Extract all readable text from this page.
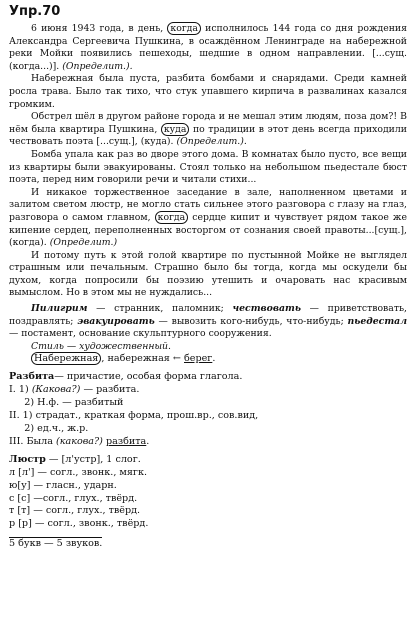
Упр.70

6 июня 1943 года, в день, когда исполнилось 144 года со дня рождения Александра Сергеевича Пушкина, в осаждённом Ленинграде на набережной реки Мойки появились пешеходы, шедшие в одном направлении. [...сущ. (когда...)]. (Определит.).

Набережная была пуста, разбита бомбами и снарядами. Среди камней росла трава. Было так тихо, что стук упавшего кирпича в развалинах казался громким.

Обстрел шёл в другом районе города и не мешал этим людям, поза дом?! В нём была квартира Пушкина, куда по традиции в этот день всегда приходили чествовать поэта [...сущ.], (куда). (Определит.).

Бомба упала как раз во дворе этого дома. В комнатах было пусто, все вещи из квартиры были эвакуированы. Стоял только на небольшом пьедестале бюст поэта, перед ним говорили речи и читали стихи...

И никакое торжественное заседание в зале, наполненном цветами и залитом светом люстр, не могло стать сильнее этого разговора с глазу на глаз, разговора о самом главном, когда сердце кипит и чувствует рядом такое же кипение сердец, переполненных восторгом от сознания своей правоты...[сущ.], (когда). (Определит.)

И потому путь к этой голой квартире по пустынной Мойке не выглядел страшным или печальным. Страшно было бы тогда, когда мы оскудели бы духом, когда попросили бы поэзию утешить и очаровать нас красивым вымыслом. Но в этом мы не нуждались...

Пилигрим — странник, паломник; чествовать — приветствовать, поздравлять; эвакуировать — вывозить кого-нибудь, что-нибудь; пьедестал — постамент, основание скульптурного сооружения.

Стиль — художественный.

Набережная , набережная ← берег.

Разбита— причастие, особая форма глагола.

I. 1) (Какова?) — разбита.

2) Н.ф. — разбитый

II. 1) страдат., краткая форма, прош.вр., сов.вид,

2) ед.ч., ж.р.

III. Была (какова?) разбита.

Люстр — [л'устр], 1 слог.

л [л'] — согл., звонк., мягк.

ю[у] — гласн., ударн.

с [с] —согл., глух., твёрд.

т [т] — согл., глух., твёрд.

р [р] — согл., звонк., твёрд.

5 букв — 5 звуков.
